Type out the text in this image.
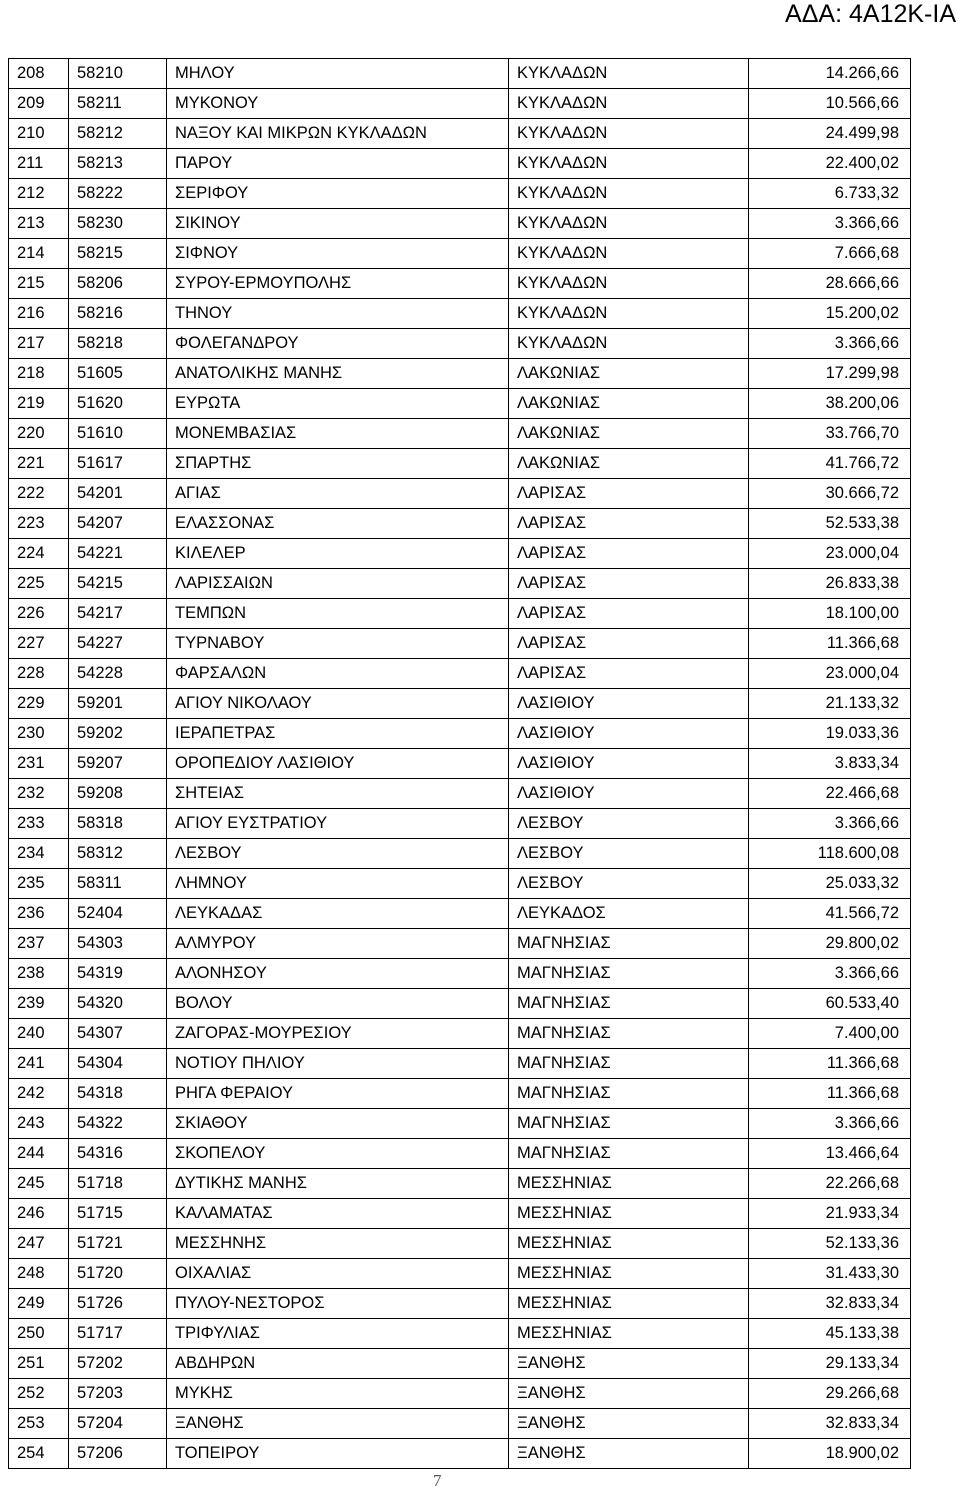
ΑΔΑ: 4Α12Κ-ΙΑ
208	58210	ΜΗΛΟΥ	ΚΥΚΛΑΔΩΝ	14.266,66
209	58211	ΜΥΚΟΝΟΥ	ΚΥΚΛΑΔΩΝ	10.566,66
210	58212	ΝΑΞΟΥ ΚΑΙ ΜΙΚΡΩΝ ΚΥΚΛΑΔΩΝ	ΚΥΚΛΑΔΩΝ	24.499,98
211	58213	ΠΑΡΟΥ	ΚΥΚΛΑΔΩΝ	22.400,02
212	58222	ΣΕΡΙΦΟΥ	ΚΥΚΛΑΔΩΝ	6.733,32
213	58230	ΣΙΚΙΝΟΥ	ΚΥΚΛΑΔΩΝ	3.366,66
214	58215	ΣΙΦΝΟΥ	ΚΥΚΛΑΔΩΝ	7.666,68
215	58206	ΣΥΡΟΥ-ΕΡΜΟΥΠΟΛΗΣ	ΚΥΚΛΑΔΩΝ	28.666,66
216	58216	ΤΗΝΟΥ	ΚΥΚΛΑΔΩΝ	15.200,02
217	58218	ΦΟΛΕΓΑΝΔΡΟΥ	ΚΥΚΛΑΔΩΝ	3.366,66
218	51605	ΑΝΑΤΟΛΙΚΗΣ ΜΑΝΗΣ	ΛΑΚΩΝΙΑΣ	17.299,98
219	51620	ΕΥΡΩΤΑ	ΛΑΚΩΝΙΑΣ	38.200,06
220	51610	ΜΟΝΕΜΒΑΣΙΑΣ	ΛΑΚΩΝΙΑΣ	33.766,70
221	51617	ΣΠΑΡΤΗΣ	ΛΑΚΩΝΙΑΣ	41.766,72
222	54201	ΑΓΙΑΣ	ΛΑΡΙΣΑΣ	30.666,72
223	54207	ΕΛΑΣΣΟΝΑΣ	ΛΑΡΙΣΑΣ	52.533,38
224	54221	ΚΙΛΕΛΕΡ	ΛΑΡΙΣΑΣ	23.000,04
225	54215	ΛΑΡΙΣΣΑΙΩΝ	ΛΑΡΙΣΑΣ	26.833,38
226	54217	ΤΕΜΠΩΝ	ΛΑΡΙΣΑΣ	18.100,00
227	54227	ΤΥΡΝΑΒΟΥ	ΛΑΡΙΣΑΣ	11.366,68
228	54228	ΦΑΡΣΑΛΩΝ	ΛΑΡΙΣΑΣ	23.000,04
229	59201	ΑΓΙΟΥ ΝΙΚΟΛΑΟΥ	ΛΑΣΙΘΙΟΥ	21.133,32
230	59202	ΙΕΡΑΠΕΤΡΑΣ	ΛΑΣΙΘΙΟΥ	19.033,36
231	59207	ΟΡΟΠΕΔΙΟΥ ΛΑΣΙΘΙΟΥ	ΛΑΣΙΘΙΟΥ	3.833,34
232	59208	ΣΗΤΕΙΑΣ	ΛΑΣΙΘΙΟΥ	22.466,68
233	58318	ΑΓΙΟΥ ΕΥΣΤΡΑΤΙΟΥ	ΛΕΣΒΟΥ	3.366,66
234	58312	ΛΕΣΒΟΥ	ΛΕΣΒΟΥ	118.600,08
235	58311	ΛΗΜΝΟΥ	ΛΕΣΒΟΥ	25.033,32
236	52404	ΛΕΥΚΑΔΑΣ	ΛΕΥΚΑΔΟΣ	41.566,72
237	54303	ΑΛΜΥΡΟΥ	ΜΑΓΝΗΣΙΑΣ	29.800,02
238	54319	ΑΛΟΝΗΣΟΥ	ΜΑΓΝΗΣΙΑΣ	3.366,66
239	54320	ΒΟΛΟΥ	ΜΑΓΝΗΣΙΑΣ	60.533,40
240	54307	ΖΑΓΟΡΑΣ-ΜΟΥΡΕΣΙΟΥ	ΜΑΓΝΗΣΙΑΣ	7.400,00
241	54304	ΝΟΤΙΟΥ ΠΗΛΙΟΥ	ΜΑΓΝΗΣΙΑΣ	11.366,68
242	54318	ΡΗΓΑ ΦΕΡΑΙΟΥ	ΜΑΓΝΗΣΙΑΣ	11.366,68
243	54322	ΣΚΙΑΘΟΥ	ΜΑΓΝΗΣΙΑΣ	3.366,66
244	54316	ΣΚΟΠΕΛΟΥ	ΜΑΓΝΗΣΙΑΣ	13.466,64
245	51718	ΔΥΤΙΚΗΣ ΜΑΝΗΣ	ΜΕΣΣΗΝΙΑΣ	22.266,68
246	51715	ΚΑΛΑΜΑΤΑΣ	ΜΕΣΣΗΝΙΑΣ	21.933,34
247	51721	ΜΕΣΣΗΝΗΣ	ΜΕΣΣΗΝΙΑΣ	52.133,36
248	51720	ΟΙΧΑΛΙΑΣ	ΜΕΣΣΗΝΙΑΣ	31.433,30
249	51726	ΠΥΛΟΥ-ΝΕΣΤΟΡΟΣ	ΜΕΣΣΗΝΙΑΣ	32.833,34
250	51717	ΤΡΙΦΥΛΙΑΣ	ΜΕΣΣΗΝΙΑΣ	45.133,38
251	57202	ΑΒΔΗΡΩΝ	ΞΑΝΘΗΣ	29.133,34
252	57203	ΜΥΚΗΣ	ΞΑΝΘΗΣ	29.266,68
253	57204	ΞΑΝΘΗΣ	ΞΑΝΘΗΣ	32.833,34
254	57206	ΤΟΠΕΙΡΟΥ	ΞΑΝΘΗΣ	18.900,02
7
